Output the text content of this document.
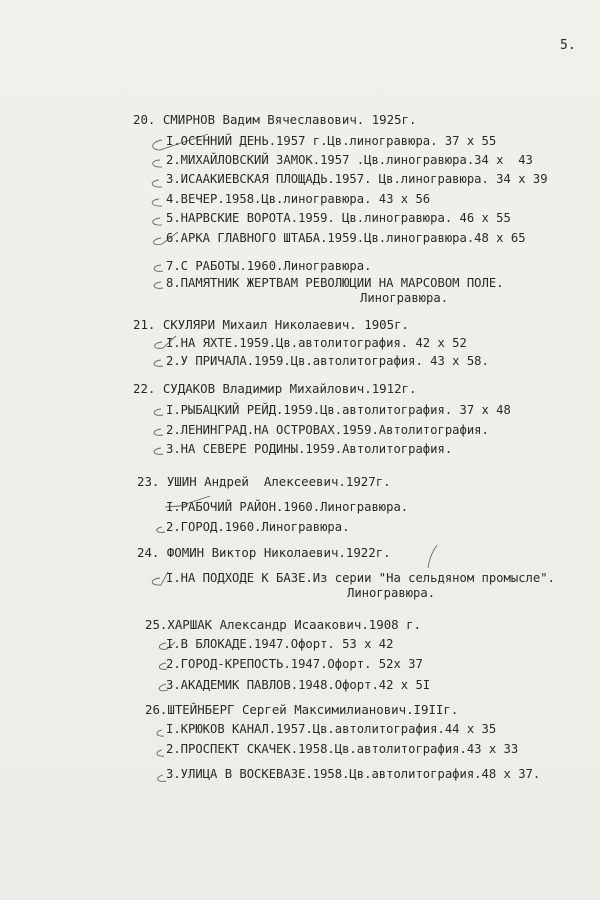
5.
20. СМИРНОВ Вадим Вячеславович. 1925г.
I.ОСЕННИЙ ДЕНЬ.1957 г.Цв.линогравюра. 37 х 55
2.МИХАЙЛОВСКИЙ ЗАМОК.1957 .Цв.линогравюра.34 х  43
3.ИСААКИЕВСКАЯ ПЛОЩАДЬ.1957. Цв.линогравюра. 34 х 39
4.ВЕЧЕР.1958.Цв.линогравюра. 43 х 56
5.НАРВСКИЕ ВОРОТА.1959. Цв.линогравюра. 46 х 55
6.АРКА ГЛАВНОГО ШТАБА.1959.Цв.линогравюра.48 х 65
7.С РАБОТЫ.1960.Линогравюра.
8.ПАМЯТНИК ЖЕРТВАМ РЕВОЛЮЦИИ НА МАРСОВОМ ПОЛЕ.
Линогравюра.
21. СКУЛЯРИ Михаил Николаевич. 1905г.
I.НА ЯХТЕ.1959.Цв.автолитография. 42 х 52
2.У ПРИЧАЛА.1959.Цв.автолитография. 43 х 58.
22. СУДАКОВ Владимир Михайлович.1912г.
I.РЫБАЦКИЙ РЕЙД.1959.Цв.автолитография. 37 х 48
2.ЛЕНИНГРАД.НА ОСТРОВАХ.1959.Автолитография.
3.НА СЕВЕРЕ РОДИНЫ.1959.Автолитография.
23. УШИН Андрей  Алексеевич.1927г.
I.РАБОЧИЙ РАЙОН.1960.Линогравюра.
2.ГОРОД.1960.Линогравюра.
24. ФОМИН Виктор Николаевич.1922г.
I.НА ПОДХОДЕ К БАЗЕ.Из серии "На сельдяном промысле".
Линогравюра.
25.ХАРШАК Александр Исаакович.1908 г.
I.В БЛОКАДЕ.1947.Офорт. 53 х 42
2.ГОРОД-КРЕПОСТЬ.1947.Офорт. 52х 37
3.АКАДЕМИК ПАВЛОВ.1948.Офорт.42 х 5I
26.ШТЕЙНБЕРГ Сергей Максимилианович.I9IIг.
I.КРЮКОВ КАНАЛ.1957.Цв.автолитография.44 х 35
2.ПРОСПЕКТ СКАЧЕК.1958.Цв.автолитография.43 х 33
3.УЛИЦА В ВОСКЕВАЗЕ.1958.Цв.автолитография.48 х 37.
